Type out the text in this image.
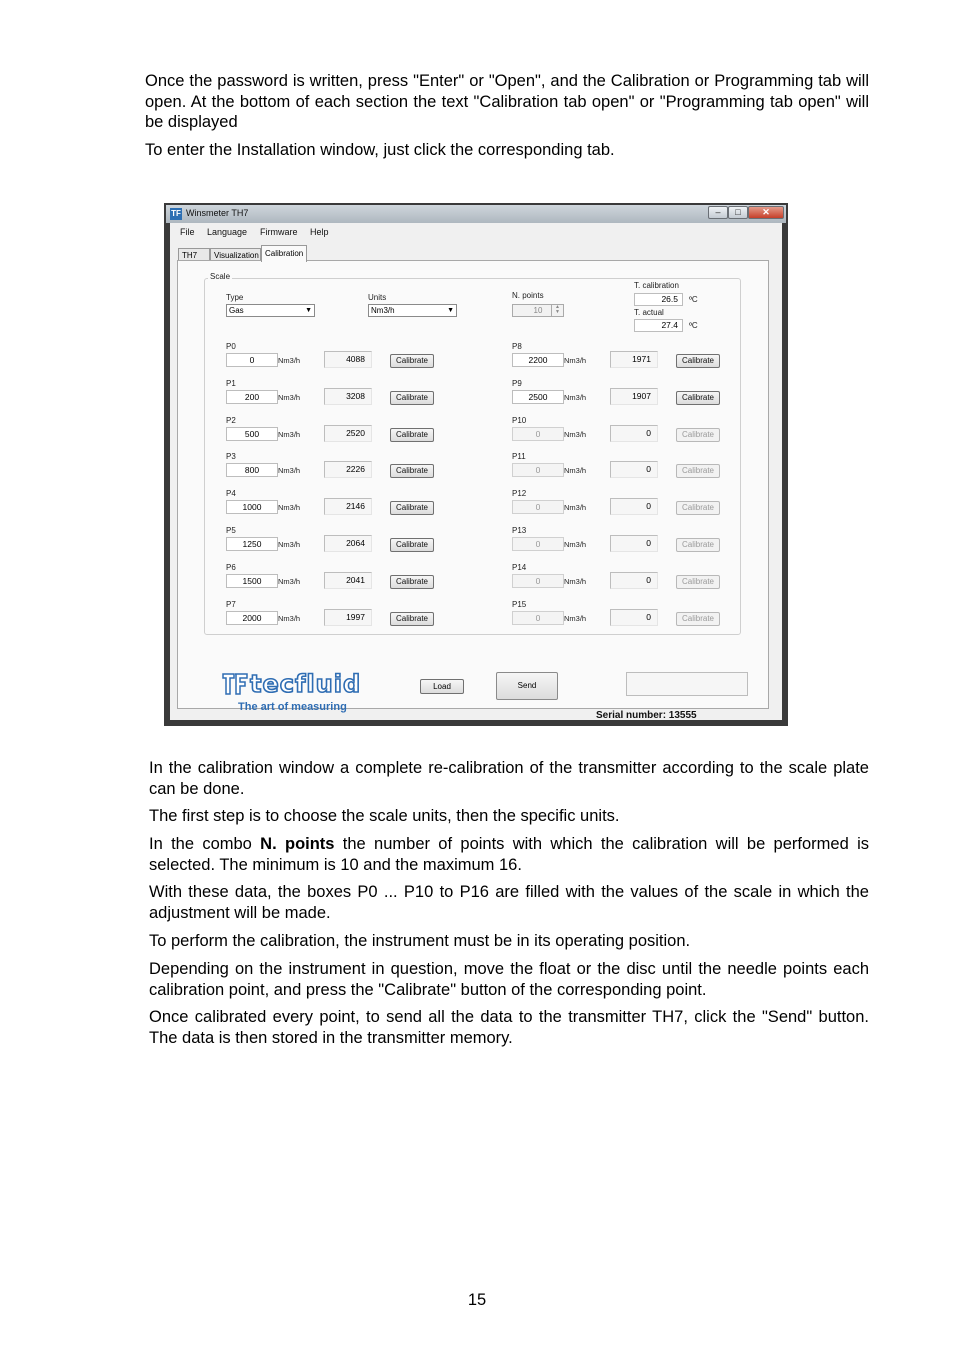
Once the password is written, press "Enter" or "Open", and the Calibration or Programming tab will open. At the bottom of each section the text "Calibration tab open" or "Programming tab open" will be displayed

To enter the Installation window, just click the corresponding tab.

TF Winsmeter TH7	–	□	✕
File Language Firmware Help
TH7	Visualization Calibration
Scale
Type
Gas	▼
Units
Nm3/h	▼
N. points
10	▲
▼
T. calibration
26.5	ºC
T. actual
27.4	ºC
P0
0	Nm3/h	4088	Calibrate
P1
200	Nm3/h	3208	Calibrate
P2
500	Nm3/h	2520	Calibrate
P3
800	Nm3/h	2226	Calibrate
P4
1000	Nm3/h	2146	Calibrate
P5
1250	Nm3/h	2064	Calibrate
P6
1500	Nm3/h	2041	Calibrate
P7
2000	Nm3/h	1997	Calibrate
P8
2200	Nm3/h	1971	Calibrate
P9
2500	Nm3/h	1907	Calibrate
P10
0	Nm3/h	0	Calibrate
P11
0	Nm3/h	0	Calibrate
P12
0	Nm3/h	0	Calibrate
P13
0	Nm3/h	0	Calibrate
P14
0	Nm3/h	0	Calibrate
P15
0	Nm3/h	0	Calibrate
tecfluid
The art of measuring
Load	Send
Serial number: 13555

In the calibration window a complete re-calibration of the transmitter according to the scale plate can be done.

The first step is to choose the scale units, then the specific units.

In the combo N. points the number of points with which the calibration will be performed is selected. The minimum is 10 and the maximum 16.

With these data, the boxes P0 ... P10 to P16 are filled with the values of the scale in which the adjustment will be made.

To perform the calibration, the instrument must be in its operating position.

Depending on the instrument in question, move the float or the disc until the needle points each calibration point, and press the "Calibrate" button of the corresponding point.

Once calibrated every point, to send all the data to the transmitter TH7, click the "Send" button. The data is then stored in the transmitter memory.

15
